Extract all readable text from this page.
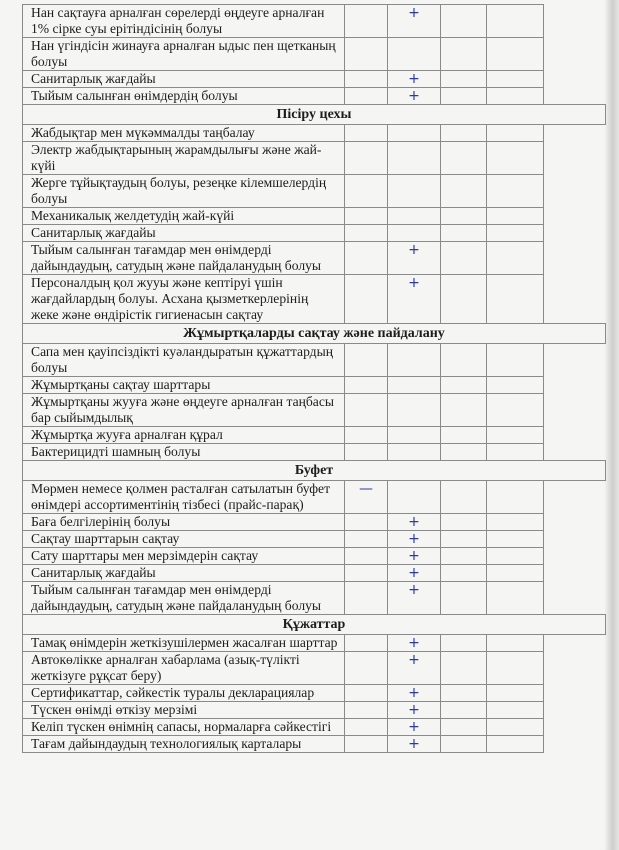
Нан сақтауға арналған сөрелерді өңдеуге арналған 1% сірке суы ерітіндісінің болуы		+		
Нан үгіндісін жинауға арналған ыдыс пен щетканың болуы				
Санитарлық жағдайы		+		
Тыйым салынған өнімдердің болуы		+		
Пісіру цехы				
Жабдықтар мен мүкәммалды таңбалау				
Электр жабдықтарының жарамдылығы және жай-күйі				
Жерге тұйықтаудың болуы, резеңке кілемшелердің болуы				
Механикалық желдетудің жай-күйі				
Санитарлық жағдайы				
Тыйым салынған тағамдар мен өнімдерді дайындаудың, сатудың және пайдаланудың болуы		+		
Персоналдың қол жууы және кептіруі үшін жағдайлардың болуы. Асхана қызметкерлерінің жеке және өндірістік гигиенасын сақтау		+		
Жұмыртқаларды сақтау және пайдалану				
Сапа мен қауіпсіздікті куәландыратын құжаттардың болуы				
Жұмыртқаны сақтау шарттары				
Жұмыртқаны жууға және өңдеуге арналған таңбасы бар сыйымдылық				
Жұмыртқа жууға арналған құрал				
Бактерицидті шамның болуы				
Буфет				
Мөрмен немесе қолмен расталған сатылатын буфет өнімдері ассортиментінің тізбесі (прайс-парақ)	—			
Баға белгілерінің болуы		+		
Сақтау шарттарын сақтау		+		
Сату шарттары мен мерзімдерін сақтау		+		
Санитарлық жағдайы		+		
Тыйым салынған тағамдар мен өнімдерді дайындаудың, сатудың және пайдаланудың болуы		+		
Құжаттар				
Тамақ өнімдерін жеткізушілермен жасалған шарттар		+		
Автокөлікке арналған хабарлама (азық-түлікті жеткізуге рұқсат беру)		+		
Сертификаттар, сәйкестік туралы декларациялар		+		
Түскен өнімді өткізу мерзімі		+		
Келіп түскен өнімнің сапасы, нормаларға сәйкестігі		+		
Тағам дайындаудың технологиялық карталары		+		
